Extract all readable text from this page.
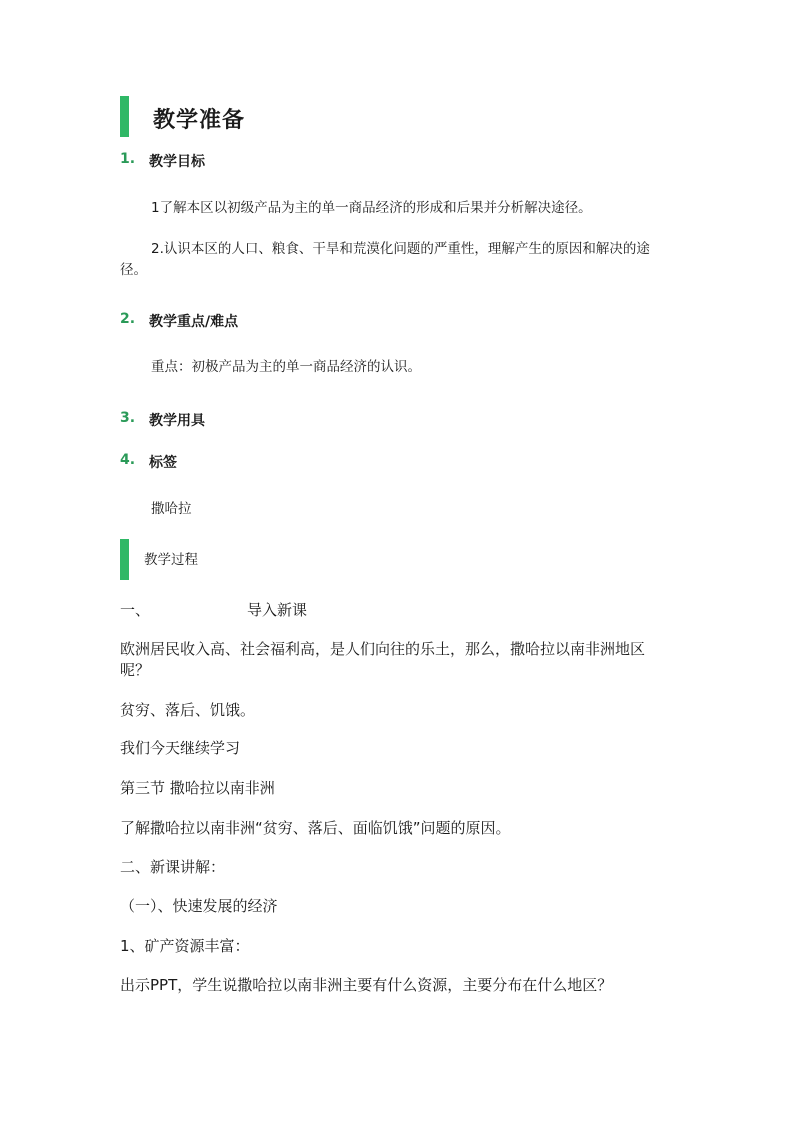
教学准备
1. 教学目标
1了解本区以初级产品为主的单一商品经济的形成和后果并分析解决途径。
2.认识本区的人口、粮食、干旱和荒漠化问题的严重性，理解产生的原因和解决的途
径。
2. 教学重点/难点
重点：初极产品为主的单一商品经济的认识。
3. 教学用具
4. 标签
撒哈拉
教学过程
一、	导入新课
欧洲居民收入高、社会福利高，是人们向往的乐土，那么，撒哈拉以南非洲地区
呢？
贫穷、落后、饥饿。
我们今天继续学习
第三节 撒哈拉以南非洲
了解撒哈拉以南非洲“贫穷、落后、面临饥饿”问题的原因。
二、新课讲解：
（一）、快速发展的经济
1、矿产资源丰富：
出示PPT，学生说撒哈拉以南非洲主要有什么资源，主要分布在什么地区？
